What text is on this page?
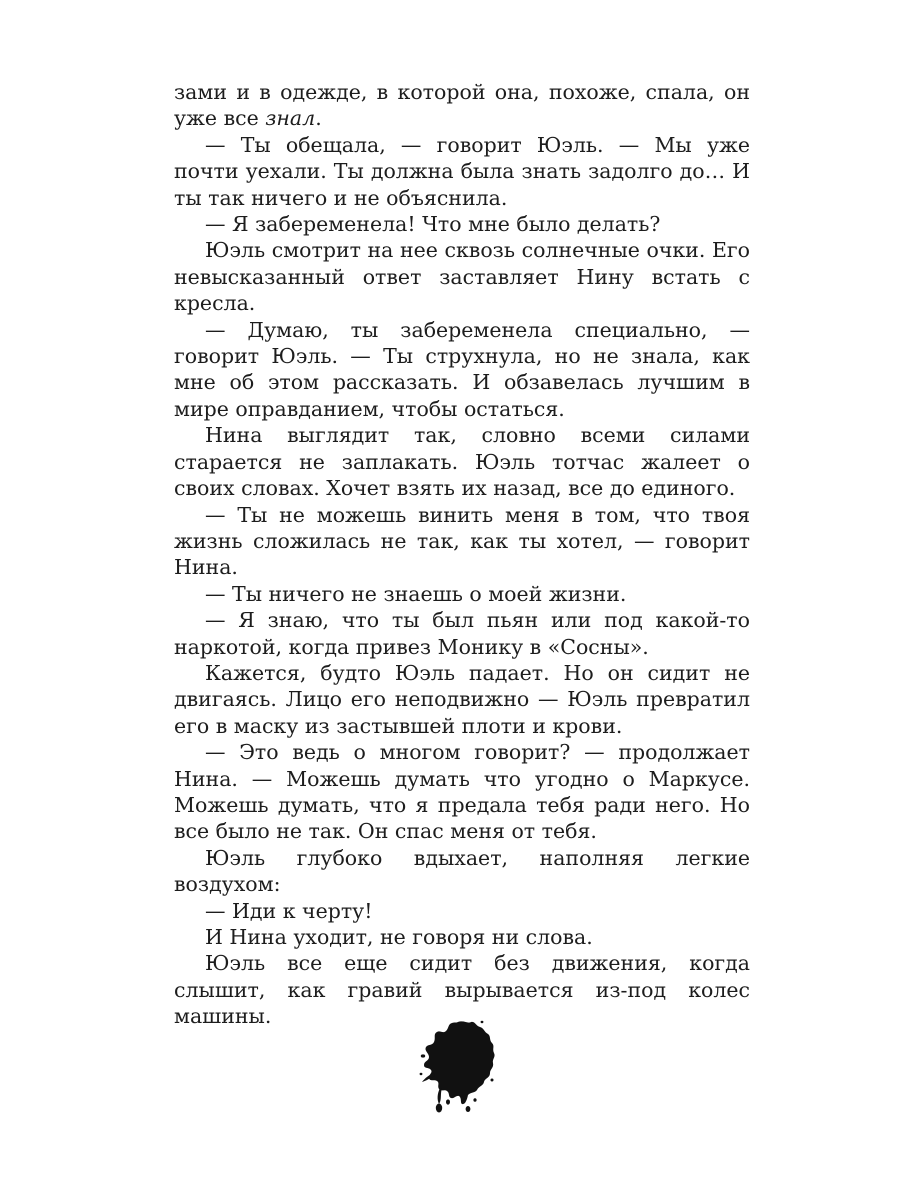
зами и в одежде, в которой она, похоже, спала, он уже все знал.

— Ты обещала, — говорит Юэль. — Мы уже почти уехали. Ты должна была знать задолго до… И ты так ничего и не объяснила.

— Я забеременела! Что мне было делать?

Юэль смотрит на нее сквозь солнечные очки. Его невысказанный ответ заставляет Нину встать с кресла.

— Думаю, ты забеременела специально, — говорит Юэль. — Ты струхнула, но не знала, как мне об этом рассказать. И обзавелась лучшим в мире оправданием, чтобы остаться.

Нина выглядит так, словно всеми силами старается не заплакать. Юэль тотчас жалеет о своих словах. Хочет взять их назад, все до единого.

— Ты не можешь винить меня в том, что твоя жизнь сложилась не так, как ты хотел, — говорит Нина.

— Ты ничего не знаешь о моей жизни.

— Я знаю, что ты был пьян или под какой-то наркотой, когда привез Монику в «Сосны».

Кажется, будто Юэль падает. Но он сидит не двигаясь. Лицо его неподвижно — Юэль превратил его в маску из застывшей плоти и крови.

— Это ведь о многом говорит? — продолжает Нина. — Можешь думать что угодно о Маркусе. Можешь думать, что я предала тебя ради него. Но все было не так. Он спас меня от тебя.

Юэль глубоко вдыхает, наполняя легкие воздухом:

— Иди к черту!

И Нина уходит, не говоря ни слова.

Юэль все еще сидит без движения, когда слышит, как гравий вырывается из-под колес машины.
